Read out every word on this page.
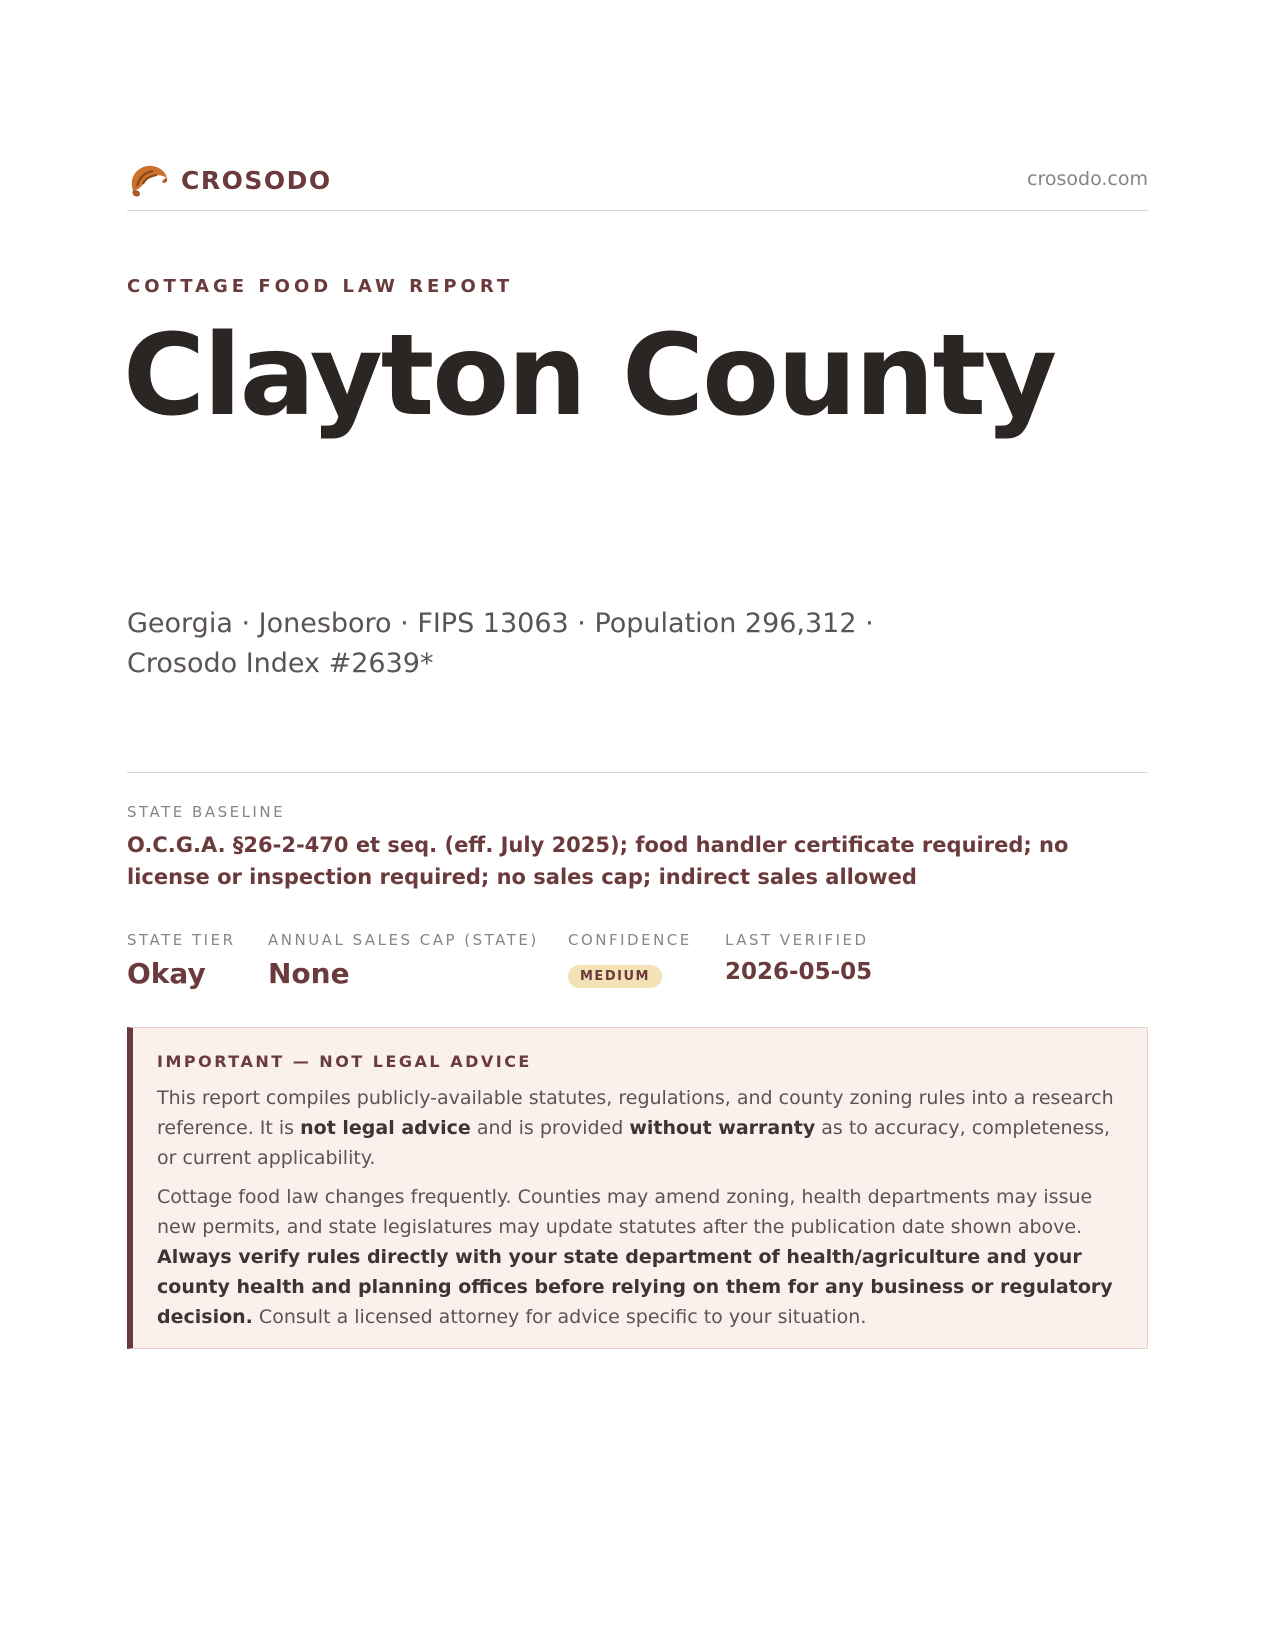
CROSODO	crosodo.com
COTTAGE FOOD LAW REPORT
Clayton County
Georgia · Jonesboro · FIPS 13063 · Population 296,312 · Crosodo Index #2639*
STATE BASELINE
O.C.G.A. §26-2-470 et seq. (eff. July 2025); food handler certificate required; no license or inspection required; no sales cap; indirect sales allowed
STATE TIER
Okay
ANNUAL SALES CAP (STATE)
None
CONFIDENCE
MEDIUM
LAST VERIFIED
2026-05-05
IMPORTANT — NOT LEGAL ADVICE

This report compiles publicly-available statutes, regulations, and county zoning rules into a research reference. It is not legal advice and is provided without warranty as to accuracy, completeness, or current applicability.

Cottage food law changes frequently. Counties may amend zoning, health departments may issue new permits, and state legislatures may update statutes after the publication date shown above. Always verify rules directly with your state department of health/agriculture and your county health and planning offices before relying on them for any business or regulatory decision. Consult a licensed attorney for advice specific to your situation.
